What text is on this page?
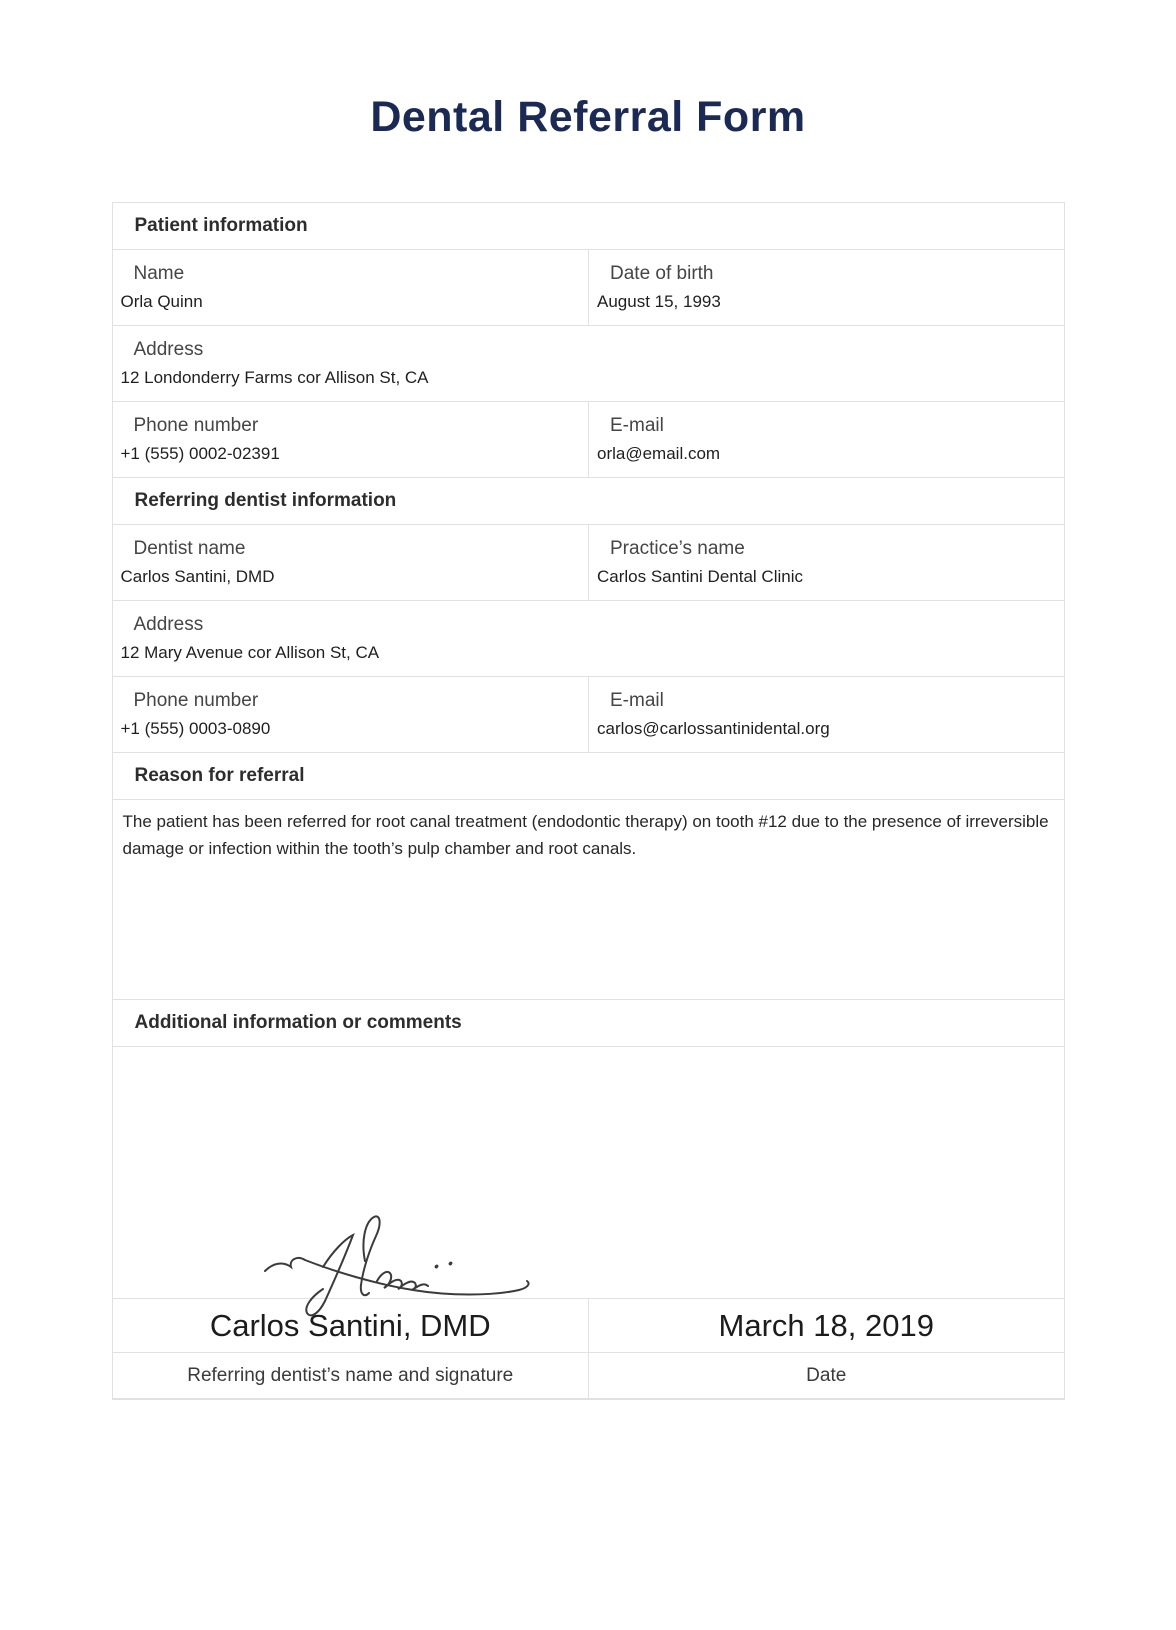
Dental Referral Form
Patient information
Name
Orla Quinn
Date of birth
August 15, 1993
Address
12 Londonderry Farms cor Allison St, CA
Phone number
+1 (555) 0002-02391
E-mail
orla@email.com
Referring dentist information
Dentist name
Carlos Santini, DMD
Practice’s name
Carlos Santini Dental Clinic
Address
12 Mary Avenue cor Allison St, CA
Phone number
+1 (555) 0003-0890
E-mail
carlos@carlossantinidental.org
Reason for referral
The patient has been referred for root canal treatment (endodontic therapy) on tooth #12 due to the presence of irreversible damage or infection within the tooth’s pulp chamber and root canals.
Additional information or comments
Carlos Santini, DMD	March 18, 2019
Referring dentist’s name and signature	Date
